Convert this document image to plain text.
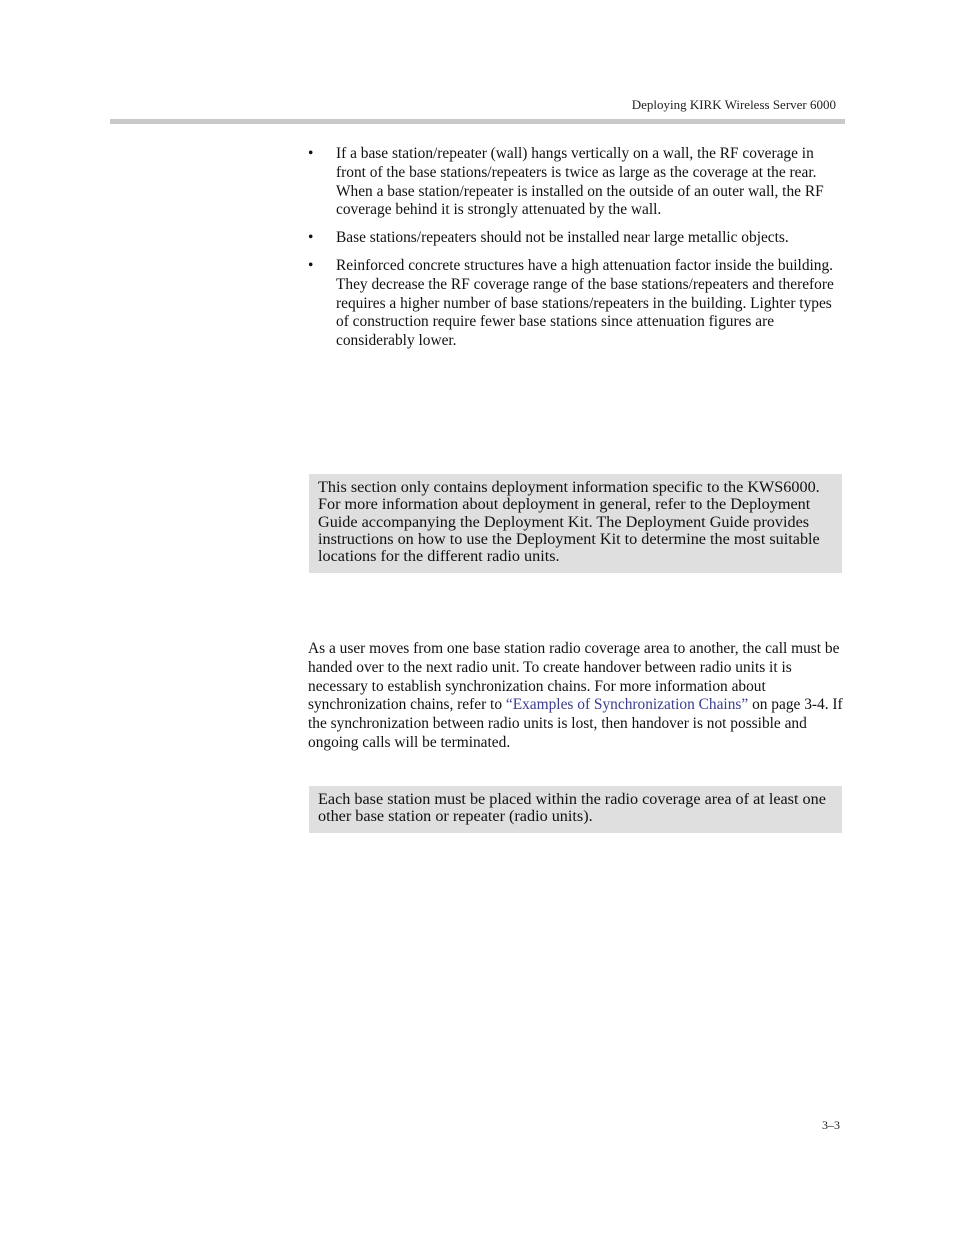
Deploying KIRK Wireless Server 6000
• If a base station/repeater (wall) hangs vertically on a wall, the RF coverage in front of the base stations/repeaters is twice as large as the coverage at the rear. When a base station/repeater is installed on the outside of an outer wall, the RF coverage behind it is strongly attenuated by the wall.
• Base stations/repeaters should not be installed near large metallic objects.
• Reinforced concrete structures have a high attenuation factor inside the building. They decrease the RF coverage range of the base stations/repeaters and therefore requires a higher number of base stations/repeaters in the building. Lighter types of construction require fewer base stations since attenuation figures are considerably lower.
This section only contains deployment information specific to the KWS6000. For more information about deployment in general, refer to the Deployment Guide accompanying the Deployment Kit. The Deployment Guide provides instructions on how to use the Deployment Kit to determine the most suitable locations for the different radio units.

As a user moves from one base station radio coverage area to another, the call must be handed over to the next radio unit. To create handover between radio units it is necessary to establish synchronization chains. For more information about synchronization chains, refer to “Examples of Synchronization Chains” on page 3-4. If the synchronization between radio units is lost, then handover is not possible and ongoing calls will be terminated.

Each base station must be placed within the radio coverage area of at least one other base station or repeater (radio units).
3–3
